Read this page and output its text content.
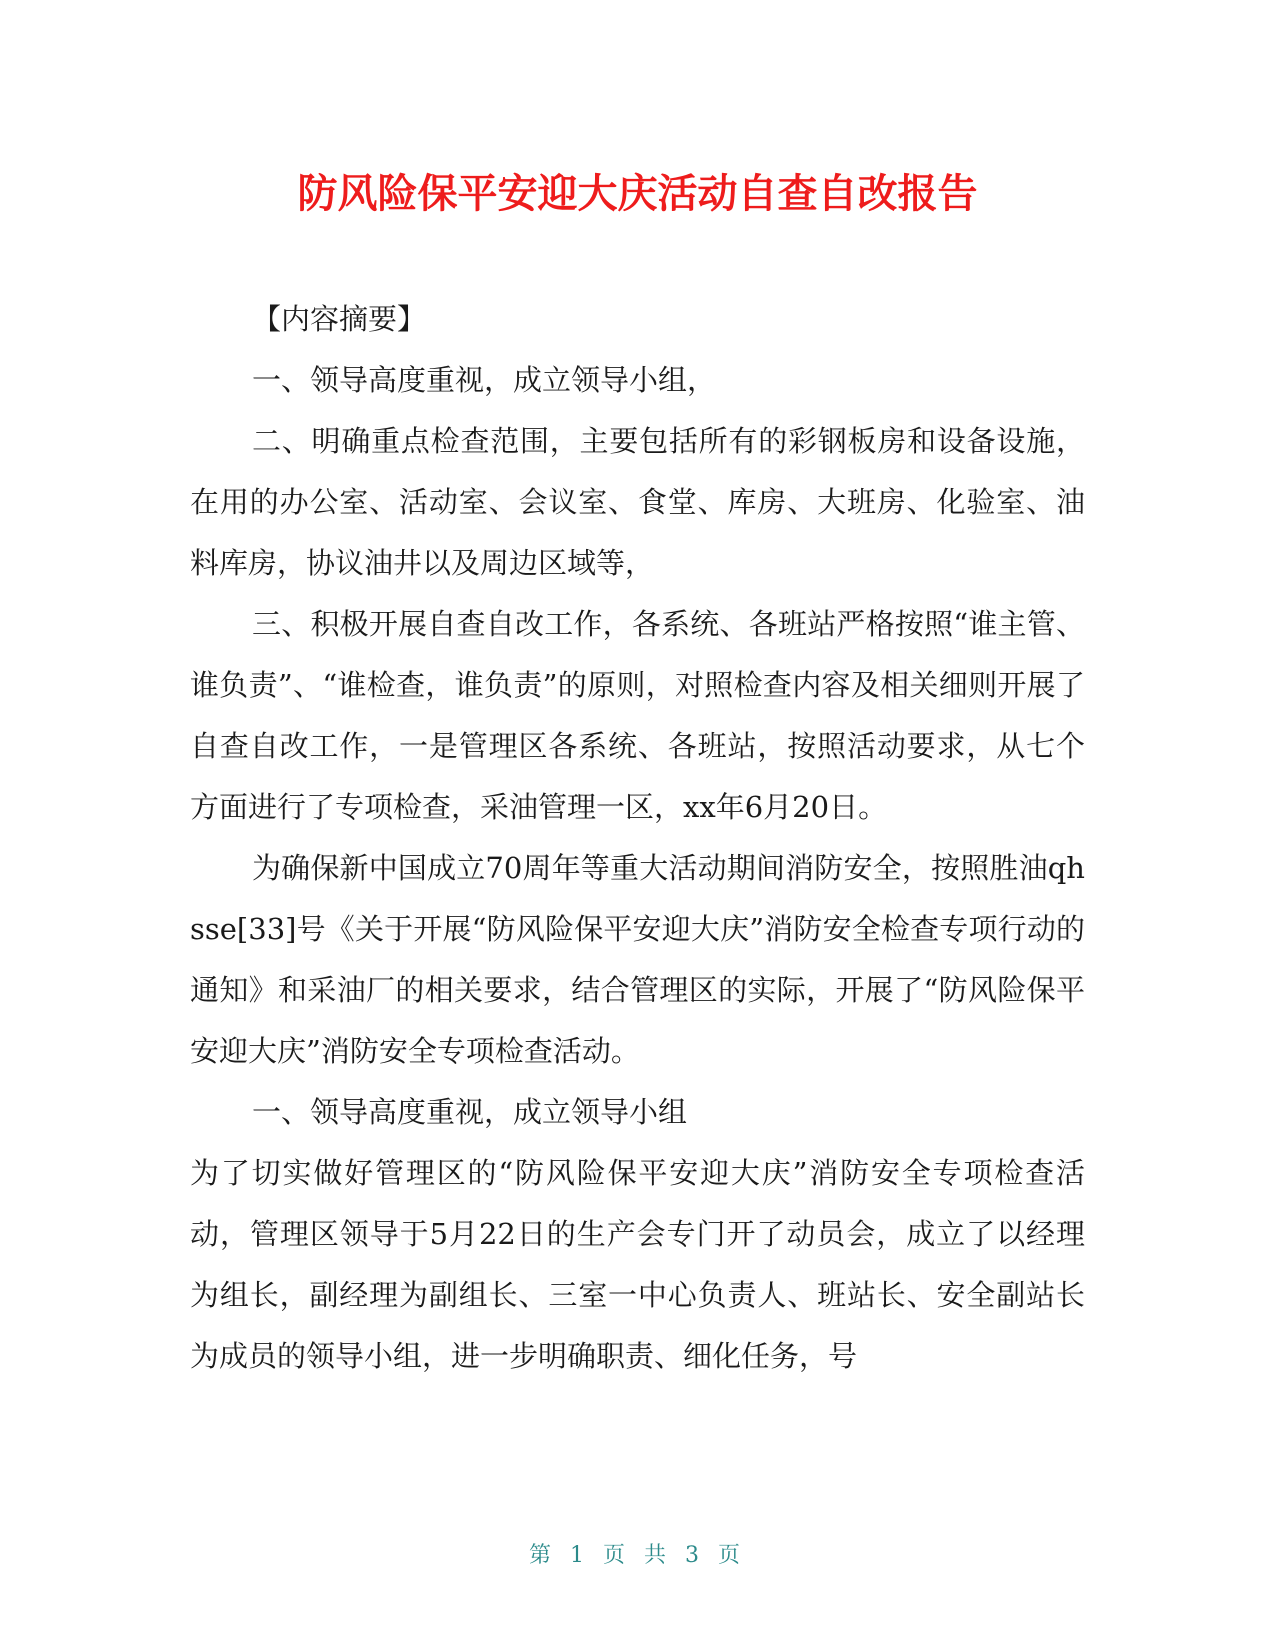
防风险保平安迎大庆活动自查自改报告

【内容摘要】

一、领导高度重视，成立领导小组，

二、明确重点检查范围，主要包括所有的彩钢板房和设备设施，在用的办公室、活动室、会议室、食堂、库房、大班房、化验室、油料库房，协议油井以及周边区域等，

三、积极开展自查自改工作，各系统、各班站严格按照“谁主管、谁负责”、“谁检查，谁负责”的原则，对照检查内容及相关细则开展了自查自改工作，一是管理区各系统、各班站，按照活动要求，从七个方面进行了专项检查，采油管理一区，xx年6月20日。

为确保新中国成立70周年等重大活动期间消防安全，按照胜油qhsse[33]号《关于开展“防风险保平安迎大庆”消防安全检查专项行动的通知》和采油厂的相关要求，结合管理区的实际，开展了“防风险保平安迎大庆”消防安全专项检查活动。

一、领导高度重视，成立领导小组

为了切实做好管理区的“防风险保平安迎大庆”消防安全专项检查活动，管理区领导于5月22日的生产会专门开了动员会，成立了以经理为组长，副经理为副组长、三室一中心负责人、班站长、安全副站长为成员的领导小组，进一步明确职责、细化任务，号

第 1 页 共 3 页
